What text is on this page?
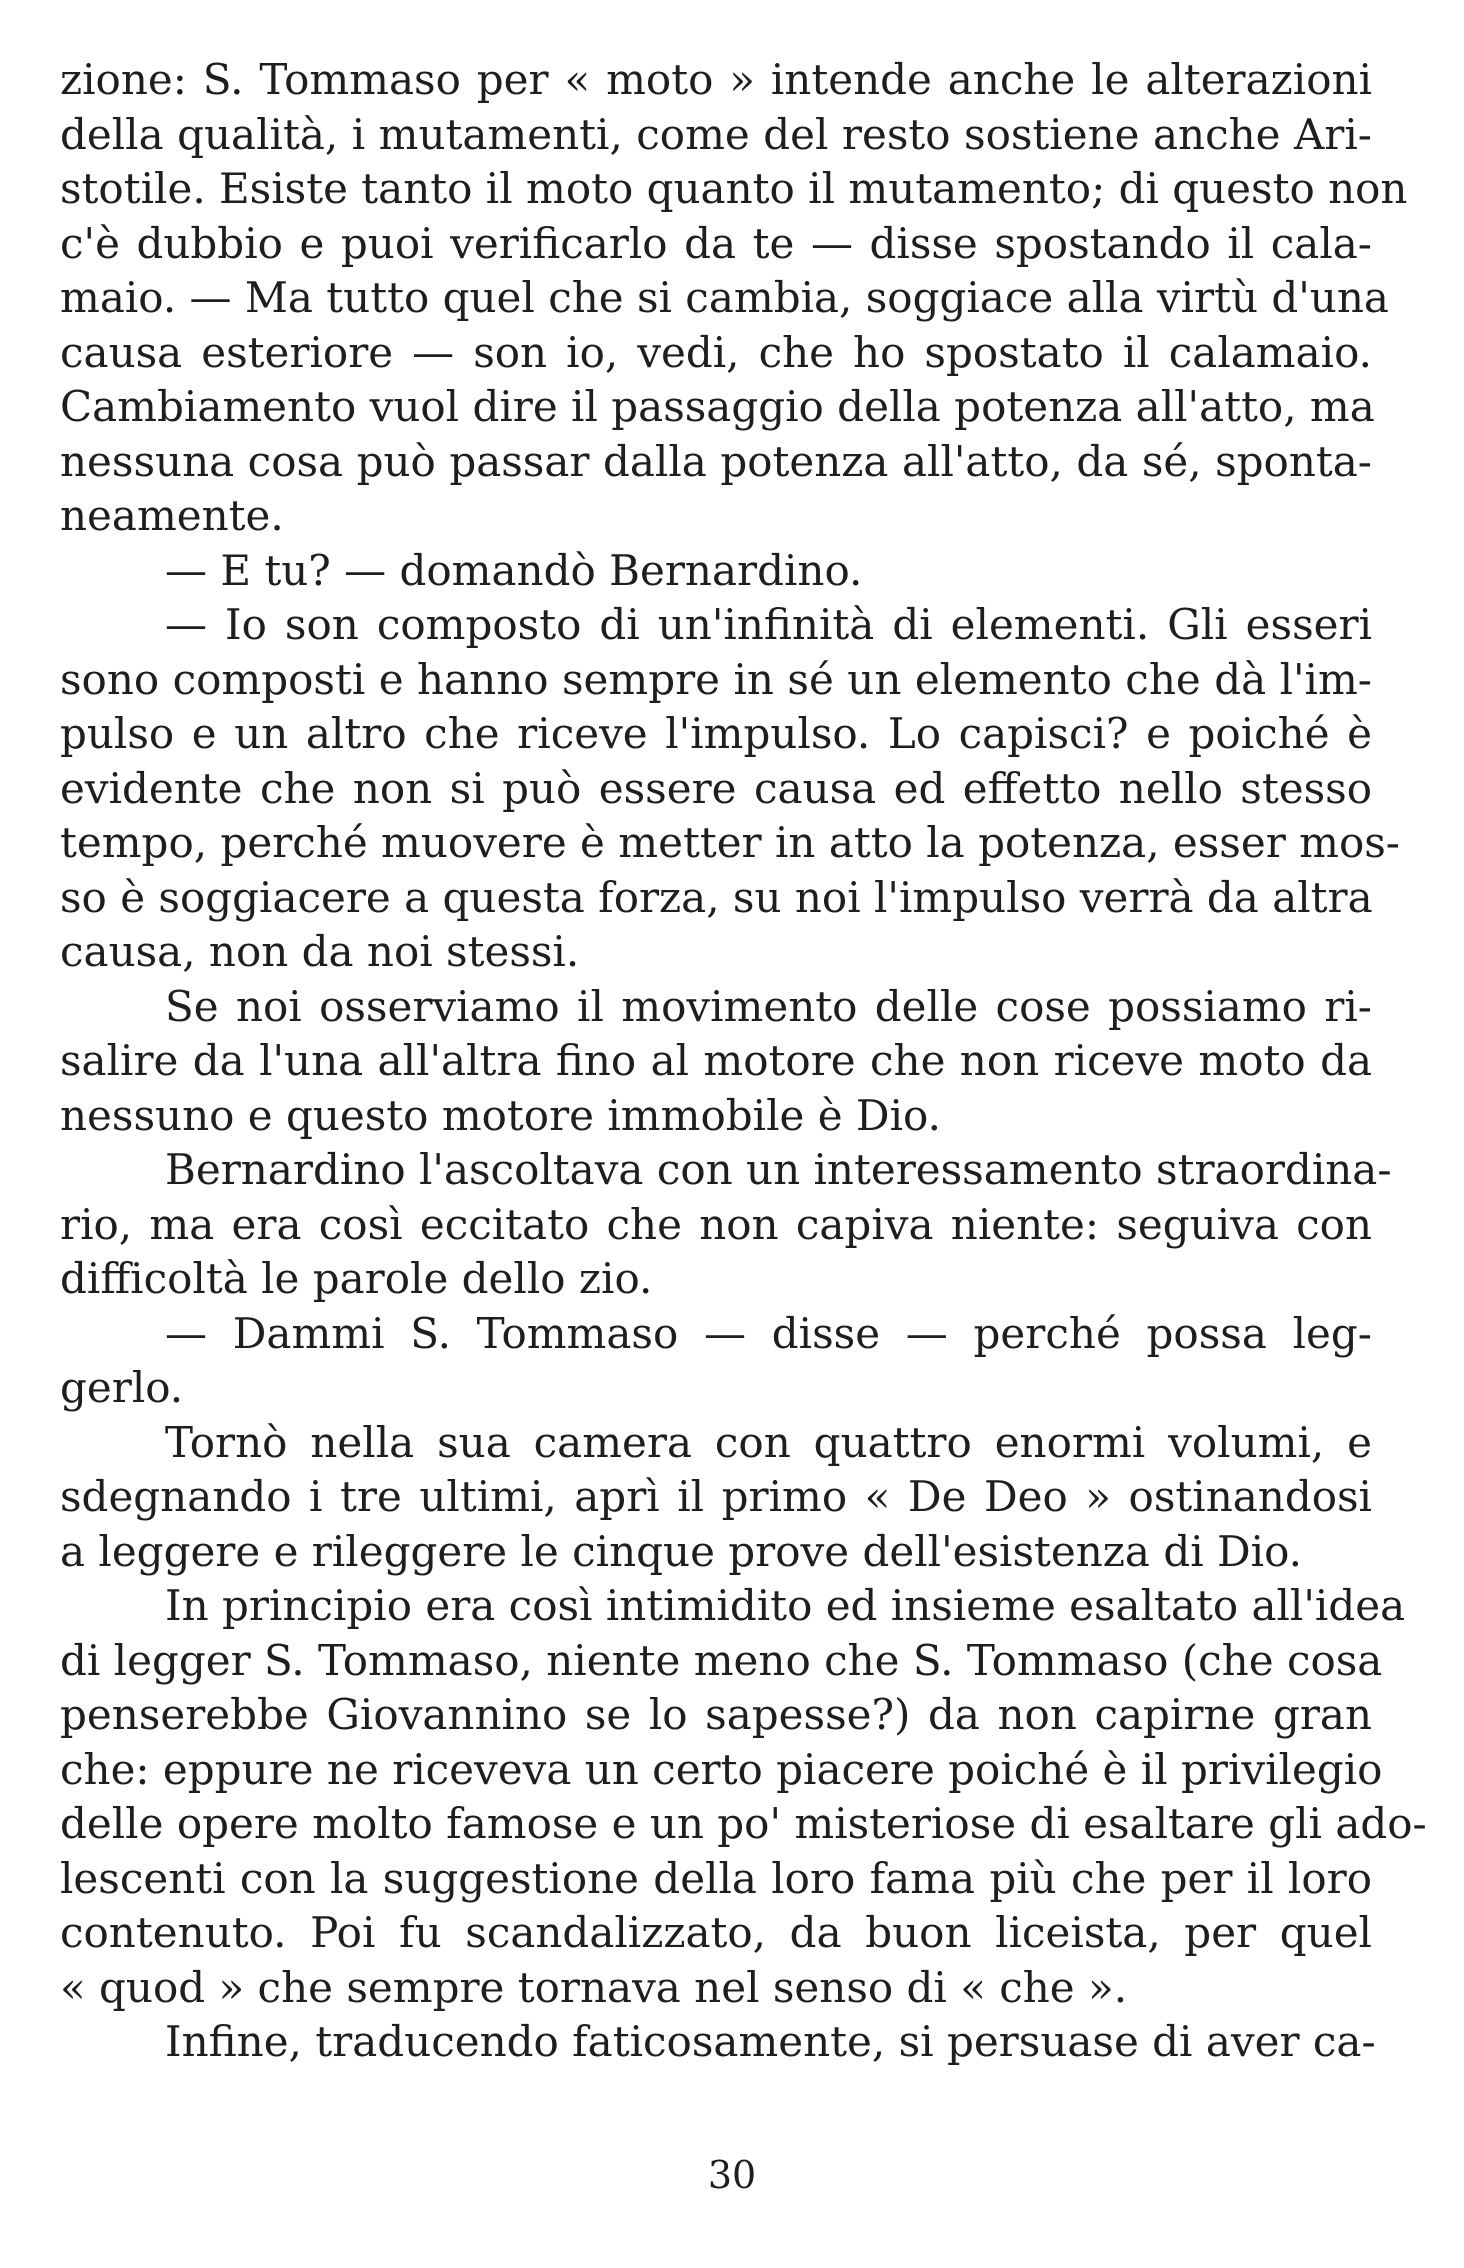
zione: S. Tommaso per « moto » intende anche le alterazioni
della qualità, i mutamenti, come del resto sostiene anche Ari-
stotile. Esiste tanto il moto quanto il mutamento; di questo non
c'è dubbio e puoi verificarlo da te — disse spostando il cala-
maio. — Ma tutto quel che si cambia, soggiace alla virtù d'una
causa esteriore — son io, vedi, che ho spostato il calamaio.
Cambiamento vuol dire il passaggio della potenza all'atto, ma
nessuna cosa può passar dalla potenza all'atto, da sé, sponta-
neamente.
— E tu? — domandò Bernardino.
— Io son composto di un'infinità di elementi. Gli esseri
sono composti e hanno sempre in sé un elemento che dà l'im-
pulso e un altro che riceve l'impulso. Lo capisci? e poiché è
evidente che non si può essere causa ed effetto nello stesso
tempo, perché muovere è metter in atto la potenza, esser mos-
so è soggiacere a questa forza, su noi l'impulso verrà da altra
causa, non da noi stessi.
Se noi osserviamo il movimento delle cose possiamo ri-
salire da l'una all'altra fino al motore che non riceve moto da
nessuno e questo motore immobile è Dio.
Bernardino l'ascoltava con un interessamento straordina-
rio, ma era così eccitato che non capiva niente: seguiva con
difficoltà le parole dello zio.
— Dammi S. Tommaso — disse — perché possa leg-
gerlo.
Tornò nella sua camera con quattro enormi volumi, e
sdegnando i tre ultimi, aprì il primo « De Deo » ostinandosi
a leggere e rileggere le cinque prove dell'esistenza di Dio.
In principio era così intimidito ed insieme esaltato all'idea
di legger S. Tommaso, niente meno che S. Tommaso (che cosa
penserebbe Giovannino se lo sapesse?) da non capirne gran
che: eppure ne riceveva un certo piacere poiché è il privilegio
delle opere molto famose e un po' misteriose di esaltare gli ado-
lescenti con la suggestione della loro fama più che per il loro
contenuto. Poi fu scandalizzato, da buon liceista, per quel
« quod » che sempre tornava nel senso di « che ».
Infine, traducendo faticosamente, si persuase di aver ca-
30
